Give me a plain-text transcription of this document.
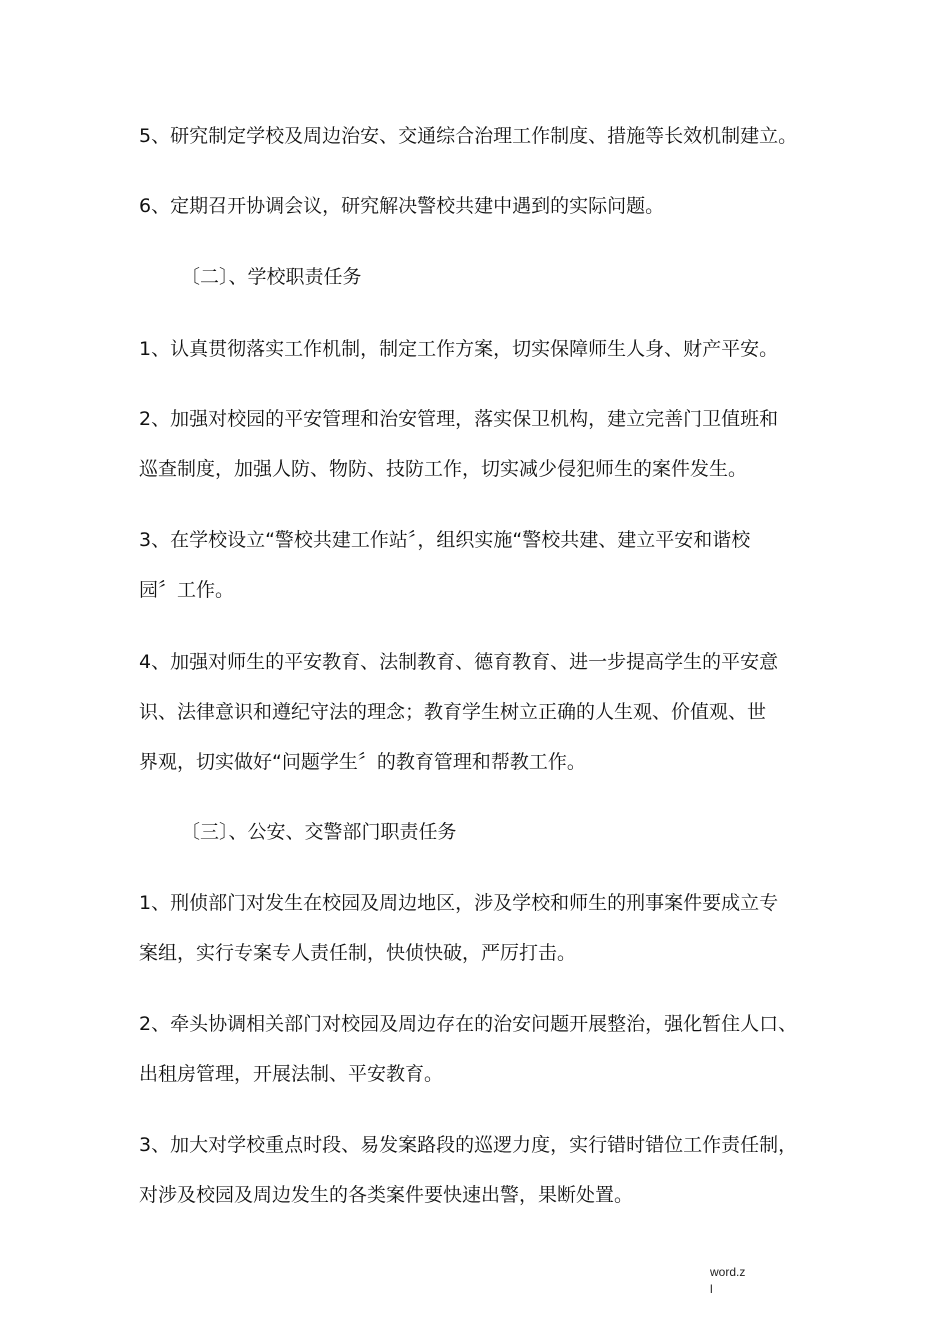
5、研究制定学校及周边治安、交通综合治理工作制度、措施等长效机制建立。

6、定期召开协调会议，研究解决警校共建中遇到的实际问题。

〔二〕、学校职责任务

1、认真贯彻落实工作机制，制定工作方案，切实保障师生人身、财产平安。

2、加强对校园的平安管理和治安管理，落实保卫机构，建立完善门卫值班和
巡查制度，加强人防、物防、技防工作，切实减少侵犯师生的案件发生。

3、在学校设立“警校共建工作站〞，组织实施“警校共建、建立平安和谐校
园〞工作。

4、加强对师生的平安教育、法制教育、德育教育、进一步提高学生的平安意
识、法律意识和遵纪守法的理念；教育学生树立正确的人生观、价值观、世
界观，切实做好“问题学生〞的教育管理和帮教工作。

〔三〕、公安、交警部门职责任务

1、刑侦部门对发生在校园及周边地区，涉及学校和师生的刑事案件要成立专
案组，实行专案专人责任制，快侦快破，严厉打击。

2、牵头协调相关部门对校园及周边存在的治安问题开展整治，强化暂住人口、
出租房管理，开展法制、平安教育。

3、加大对学校重点时段、易发案路段的巡逻力度，实行错时错位工作责任制，
对涉及校园及周边发生的各类案件要快速出警，果断处置。

word.z
l
